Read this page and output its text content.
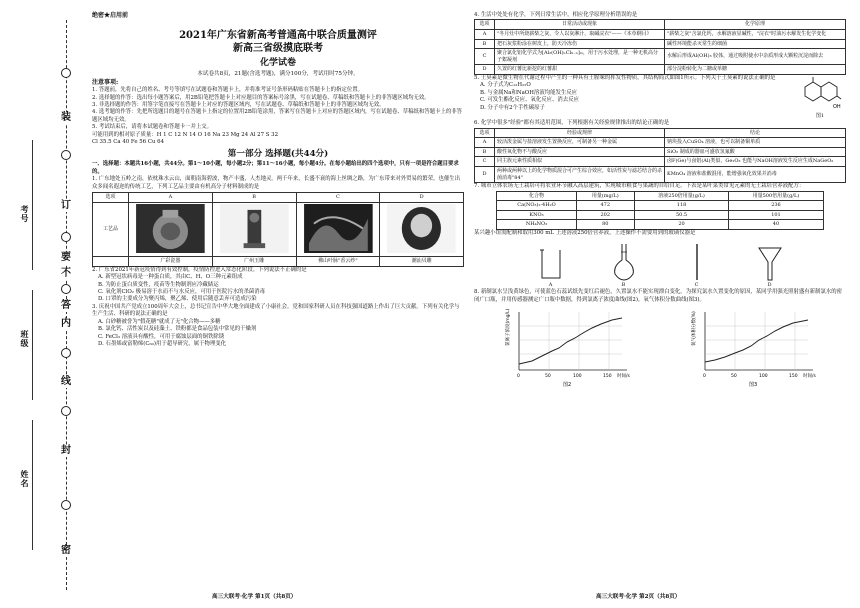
考号
班级
姓名
装
订
要
不
答
内
线
封
密
绝密★启用前
2021年广东省新高考普通高中联合质量测评
新高三省级摸底联考
化学试卷
本试卷共8页，21题(含选考题)，满分100分，考试用时75分钟。
注意事项:
1. 答题前，先将自己的姓名、考号等填写在试题卷和答题卡上，并将准考证号条形码粘贴在答题卡上的指定位置。
2. 选择题的作答：选出每小题答案后，用2B铅笔把答题卡上对应题目的答案标号涂黑，写在试题卷、草稿纸和答题卡上的非答题区域均无效。
3. 非选择题的作答：用签字笔直接写在答题卡上对应的答题区域内，写在试题卷、草稿纸和答题卡上的非答题区域均无效。
4. 选考题的作答：先把所选题目的题号在答题卡上指定的位置用2B铅笔涂黑，答案写在答题卡上对应的答题区域内，写在试题卷、草稿纸和答题卡上的非答题区域均无效。
5. 考试结束后，请将本试题卷和答题卡一并上交。
可能用到的相对原子质量：H 1 C 12 N 14 O 16 Na 23 Mg 24 Al 27 S 32
Cl 35.5 Ca 40 Fe 56 Cu 64
第一部分 选择题(共44分)
一、选择题：本题共16小题，共44分。第1～10小题，每小题2分；第11～16小题，每小题4分。在每小题给出的四个选项中，只有一项是符合题目要求的。
1. 广东地处五岭之南，依枕珠水云山，面朝南海碧波，物产丰盛，人杰地灵。两千年来，长盛不衰的海上丝绸之路，为广东带来对外贸易的繁荣，也催生出众多闻名遐迩的传统工艺，下列工艺品主要由有机高分子材料制成的是
选项	A	B	C	D
工艺品				
	广彩瓷器	广州玉雕	佛山叶脉"香云纱"	潮汕贝雕
2. 广东省2021年新冠疫情得到有效控制，疫情防控进入常态化阶段。下列说法不正确的是
A. 新型冠状病毒是一种蛋白质，其由C、H、O三种元素组成
B. 为防止蛋白质变性，疫苗等生物制剂应冷藏储运
C. 氧化剂ClO₂ 极易溶于水而不与水反应，可用于医院污水的杀菌消毒
D. 口罩的主要成分为聚丙烯，聚乙烯、使用后随意丢弃可造成污染
3. 庆祝中国共产党成立100周年大会上，总书记宣告中华大地全面建成了小康社会。党和国家科研人员在科技强国道路上作出了巨大贡献。下列有关化学与生产生活、科研的说法正确的是
A. 白砂糖被誉为"假花糖"就成了无"化合物——多糖
B. 氯化钙、活性炭以及硅藻土、铁粉都是食品包装中常见的干燥剂
C. FeCl₃ 溶液具有酸性，可用于腐蚀层面的铜铁除锈
D. 石墨烯或富勒烯(C₆₀)用于超导研究，属于物理变化
高三大联考·化学 第1页（共8页）
4. 生活中处处有化学，下列日常生活中，相应化学原理分析错误的是
选项	日常活动或现象	化学原理
A	"冬月灶中所烧薪柴之灰，令人以灰淋汁，取碱浣衣"——《本草纲目》	"薪柴之灰"含氯化钙，水解溶液显碱性，"浣衣"时油污水解发生化学变化
B	把石灰浆粉涂在树皮上，防天冷冻伤	碱性环境能杀灭常生的细菌
C	聚合氯化铝化学式为[Al₂(OH)ₙCl₆₋ₙ]ₘ，用于污水处理，是一种无机高分子絮凝剂	水解后形成Al(OH)₃ 胶体，通过吸附使水中杂质形成大颗粒沉淀而除去
D	久置的红薯比新挖的红薯甜	部分淀粉转化为二糖或单糖
5. 土臭素是微生物在代谢过程中产生的一种具有土腥味的挥发性物质，其结构简式如图1所示。下列关于土臭素的说法正确的是
A. 分子式为C₁₂H₂₂O
B. 与金属Na和NaOH溶液均能发生反应
C. 可发生酯化反应、氧化反应、消去反应
D. 分子中有2个手性碳原子	OH
图1
6. 化学中很多"经验"都有其适用范围，下列根据有关经验规律推出的结论正确的是
选项	经验或规律	结论
A	较活泼金属与盐溶液发生置换反应，可制备另一种金属	钠块投入CuSO₄ 溶液，也可以制备铜单质
B	酸性氧化物不与酸反应	SiO₂ 制成的器皿可盛放氢氟酸
C	同主族元素性质相似	卤F(Ge)与卤铝(Al)类似，Ge₂O₃ 也能与NaOH溶液发生反应生成NaGeO₂
D	两种或两种以上的化学物质混合可产生综合效应，如活性炭与滤芯结合的杀菌消毒"84"	KMnO₄ 溶液和盐酸混用，能增强氧化效果并消毒
7. 城市立体农场无土栽培可将农业环节融入高层建筑，实现城市粮食与果蔬的自给自足。下表是某叶菜类常见元素的无土栽培营养液配方：
化合物	用量(mg/L)	溶液250倍用量(g/L)	用量500倍用量(g/L)
Ca(NO₃)₂·4H₂O	472	118	236
KNO₃	202	50.5	101
NH₄NO₃	80	20	40
某兴趣小组需配制和取用300 mL 上述溶液250倍营养液，上述操作不需要用到的玻璃仪器是
A	B	C	D
8. 新制氯水呈浅黄绿色，可使蓝色石蕊试纸先变红后褪色，久置氯水不能实现漂白变化。为探究氯水久置变化的原因，某同学用强光照射盛有新制氯水的密闭广口瓶，并用传感器测定广口瓶中数据，得到氯离子浓度曲线(图2)，氧气体积分数曲线(图3)。
氯离子浓度(mg/L)
0	50	100	150 时间/s
图2
氧气体积分数(%)
0	50	100	150 时间/s
图3
高三大联考·化学 第2页（共8页）
